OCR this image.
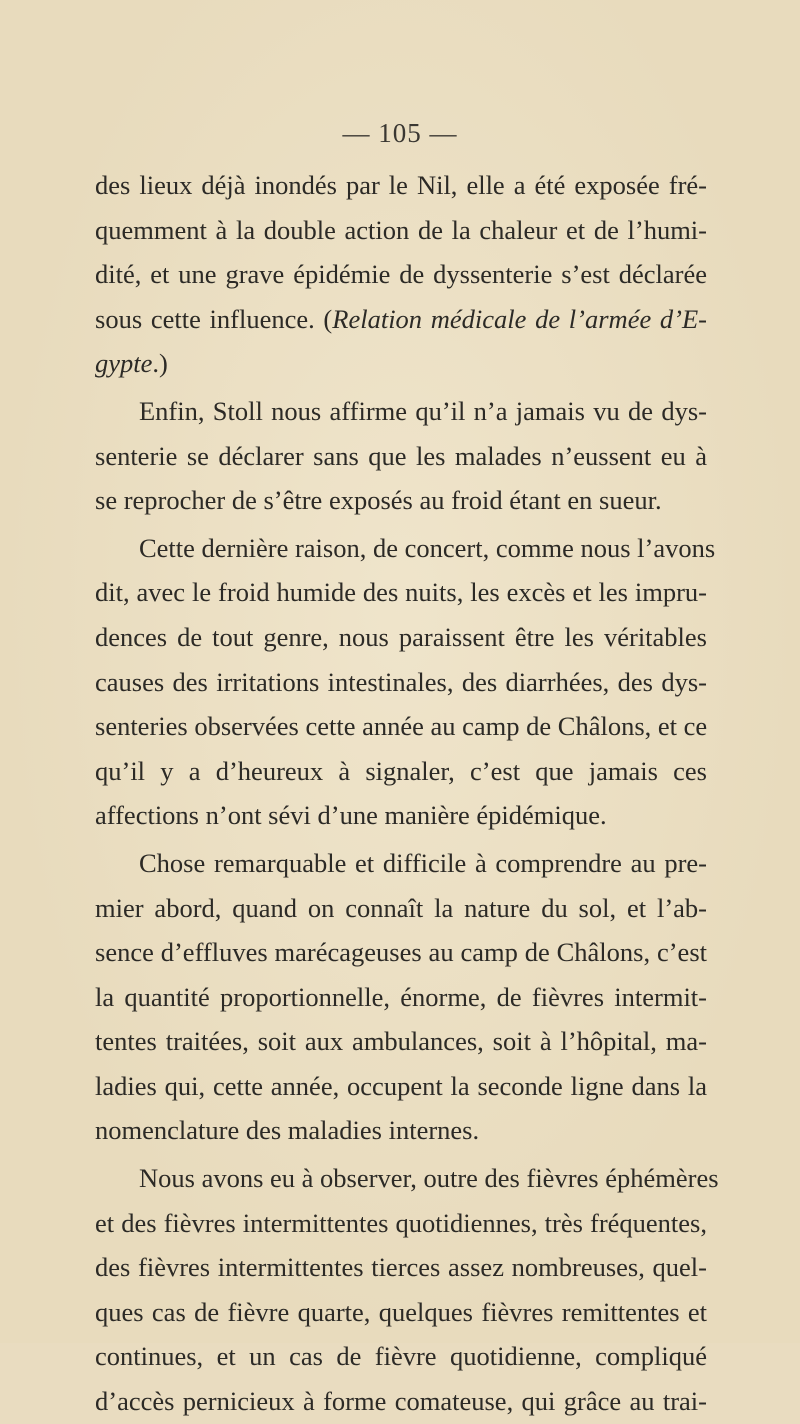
— 105 —
des lieux déjà inondés par le Nil, elle a été exposée fré-
quemment à la double action de la chaleur et de l’humi-
dité, et une grave épidémie de dyssenterie s’est déclarée
sous cette influence. (Relation médicale de l’armée d’E-
gypte.)
Enfin, Stoll nous affirme qu’il n’a jamais vu de dys-
senterie se déclarer sans que les malades n’eussent eu à
se reprocher de s’être exposés au froid étant en sueur.
Cette dernière raison, de concert, comme nous l’avons
dit, avec le froid humide des nuits, les excès et les impru-
dences de tout genre, nous paraissent être les véritables
causes des irritations intestinales, des diarrhées, des dys-
senteries observées cette année au camp de Châlons, et ce
qu’il y a d’heureux à signaler, c’est que jamais ces
affections n’ont sévi d’une manière épidémique.
Chose remarquable et difficile à comprendre au pre-
mier abord, quand on connaît la nature du sol, et l’ab-
sence d’effluves marécageuses au camp de Châlons, c’est
la quantité proportionnelle, énorme, de fièvres intermit-
tentes traitées, soit aux ambulances, soit à l’hôpital, ma-
ladies qui, cette année, occupent la seconde ligne dans la
nomenclature des maladies internes.
Nous avons eu à observer, outre des fièvres éphémères
et des fièvres intermittentes quotidiennes, très fréquentes,
des fièvres intermittentes tierces assez nombreuses, quel-
ques cas de fièvre quarte, quelques fièvres remittentes et
continues, et un cas de fièvre quotidienne, compliqué
d’accès pernicieux à forme comateuse, qui grâce au trai-
